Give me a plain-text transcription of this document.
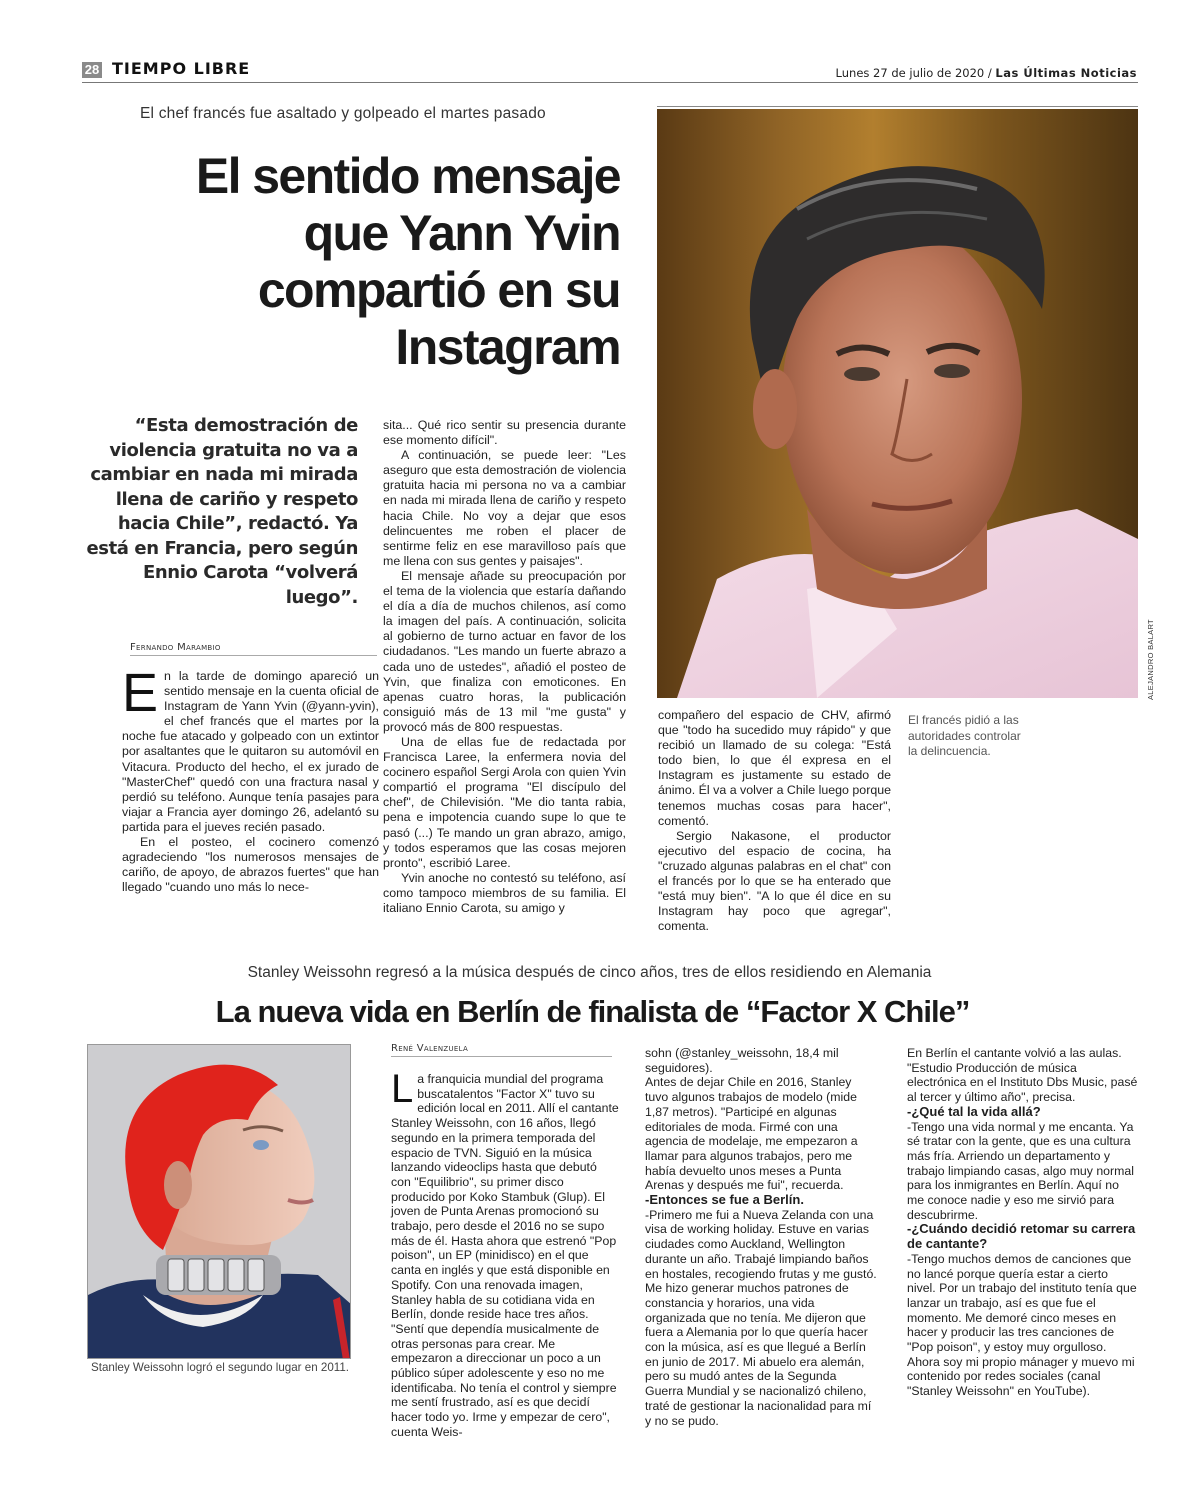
28 TIEMPO LIBRE	Lunes 27 de julio de 2020 / Las Últimas Noticias
El chef francés fue asaltado y golpeado el martes pasado
El sentido mensaje que Yann Yvin compartió en su Instagram
ALEJANDRO BALART
El francés pidió a las autoridades controlar la delincuencia.
“Esta demostración de violencia gratuita no va a cambiar en nada mi mirada llena de cariño y respeto hacia Chile”, redactó. Ya está en Francia, pero según Ennio Carota “volverá luego”.
Fernando Marambio

En la tarde de domingo apareció un sentido mensaje en la cuenta oficial de Instagram de Yann Yvin (@yann-yvin), el chef francés que el martes por la noche fue atacado y golpeado con un extintor por asaltantes que le quitaron su automóvil en Vitacura. Producto del hecho, el ex jurado de "MasterChef" quedó con una fractura nasal y perdió su teléfono. Aunque tenía pasajes para viajar a Francia ayer domingo 26, adelantó su partida para el jueves recién pasado.

En el posteo, el cocinero comenzó agradeciendo "los numerosos mensajes de cariño, de apoyo, de abrazos fuertes" que han llegado "cuando uno más lo nece-

sita... Qué rico sentir su presencia durante ese momento difícil".

A continuación, se puede leer: "Les aseguro que esta demostración de violencia gratuita hacia mi persona no va a cambiar en nada mi mirada llena de cariño y respeto hacia Chile. No voy a dejar que esos delincuentes me roben el placer de sentirme feliz en ese maravilloso país que me llena con sus gentes y paisajes".

El mensaje añade su preocupación por el tema de la violencia que estaría dañando el día a día de muchos chilenos, así como la imagen del país. A continuación, solicita al gobierno de turno actuar en favor de los ciudadanos. "Les mando un fuerte abrazo a cada uno de ustedes", añadió el posteo de Yvin, que finaliza con emoticones. En apenas cuatro horas, la publicación consiguió más de 13 mil "me gusta" y provocó más de 800 respuestas.

Una de ellas fue de redactada por Francisca Laree, la enfermera novia del cocinero español Sergi Arola con quien Yvin compartió el programa "El discípulo del chef", de Chilevisión. "Me dio tanta rabia, pena e impotencia cuando supe lo que te pasó (...) Te mando un gran abrazo, amigo, y todos esperamos que las cosas mejoren pronto", escribió Laree.

Yvin anoche no contestó su teléfono, así como tampoco miembros de su familia. El italiano Ennio Carota, su amigo y

compañero del espacio de CHV, afirmó que "todo ha sucedido muy rápido" y que recibió un llamado de su colega: "Está todo bien, lo que él expresa en el Instagram es justamente su estado de ánimo. Él va a volver a Chile luego porque tenemos muchas cosas para hacer", comentó.

Sergio Nakasone, el productor ejecutivo del espacio de cocina, ha "cruzado algunas palabras en el chat" con el francés por lo que se ha enterado que "está muy bien". "A lo que él dice en su Instagram hay poco que agregar", comenta.

Stanley Weissohn regresó a la música después de cinco años, tres de ellos residiendo en Alemania
La nueva vida en Berlín de finalista de “Factor X Chile”
Stanley Weissohn logró el segundo lugar en 2011.
René Valenzuela

La franquicia mundial del programa buscatalentos "Factor X" tuvo su edición local en 2011. Allí el cantante Stanley Weissohn, con 16 años, llegó segundo en la primera temporada del espacio de TVN. Siguió en la música lanzando videoclips hasta que debutó con "Equilibrio", su primer disco producido por Koko Stambuk (Glup). El joven de Punta Arenas promocionó su trabajo, pero desde el 2016 no se supo más de él. Hasta ahora que estrenó "Pop poison", un EP (minidisco) en el que canta en inglés y que está disponible en Spotify. Con una renovada imagen, Stanley habla de su cotidiana vida en Berlín, donde reside hace tres años.

"Sentí que dependía musicalmente de otras personas para crear. Me empezaron a direccionar un poco a un público súper adolescente y eso no me identificaba. No tenía el control y siempre me sentí frustrado, así es que decidí hacer todo yo. Irme y empezar de cero", cuenta Weis-

sohn (@stanley_weissohn, 18,4 mil seguidores).

Antes de dejar Chile en 2016, Stanley tuvo algunos trabajos de modelo (mide 1,87 metros). "Participé en algunas editoriales de moda. Firmé con una agencia de modelaje, me empezaron a llamar para algunos trabajos, pero me había devuelto unos meses a Punta Arenas y después me fui", recuerda.

-Entonces se fue a Berlín.

-Primero me fui a Nueva Zelanda con una visa de working holiday. Estuve en varias ciudades como Auckland, Wellington durante un año. Trabajé limpiando baños en hostales, recogiendo frutas y me gustó. Me hizo generar muchos patrones de constancia y horarios, una vida organizada que no tenía. Me dijeron que fuera a Alemania por lo que quería hacer con la música, así es que llegué a Berlín en junio de 2017. Mi abuelo era alemán, pero su mudó antes de la Segunda Guerra Mundial y se nacionalizó chileno, traté de gestionar la nacionalidad para mí y no se pudo.

En Berlín el cantante volvió a las aulas. "Estudio Producción de música electrónica en el Instituto Dbs Music, pasé al tercer y último año", precisa.

-¿Qué tal la vida allá?

-Tengo una vida normal y me encanta. Ya sé tratar con la gente, que es una cultura más fría. Arriendo un departamento y trabajo limpiando casas, algo muy normal para los inmigrantes en Berlín. Aquí no me conoce nadie y eso me sirvió para descubrirme.

-¿Cuándo decidió retomar su carrera de cantante?

-Tengo muchos demos de canciones que no lancé porque quería estar a cierto nivel. Por un trabajo del instituto tenía que lanzar un trabajo, así es que fue el momento. Me demoré cinco meses en hacer y producir las tres canciones de "Pop poison", y estoy muy orgulloso. Ahora soy mi propio mánager y muevo mi contenido por redes sociales (canal "Stanley Weissohn" en YouTube).
